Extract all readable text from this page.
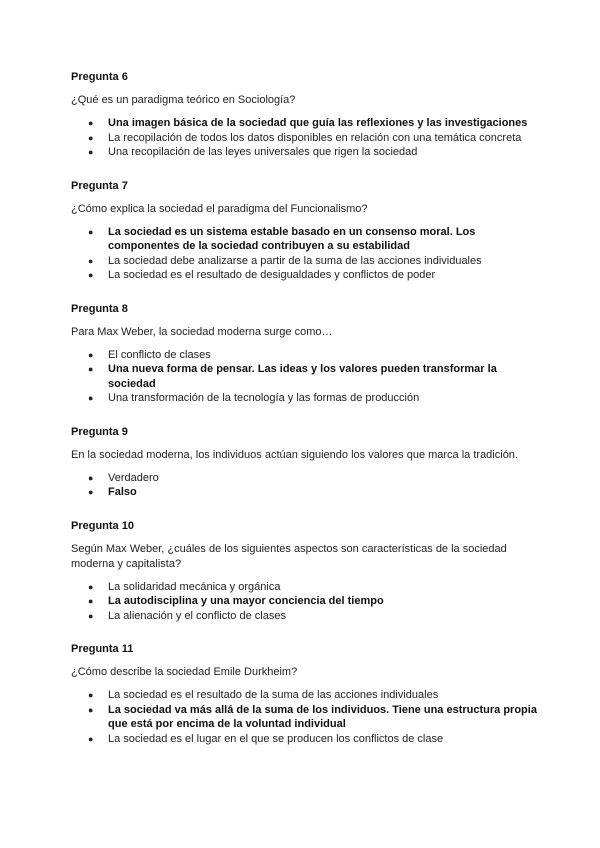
Pregunta 6
¿Qué es un paradigma teórico en Sociología?
● Una imagen básica de la sociedad que guía las reflexiones y las investigaciones
● La recopilación de todos los datos disponibles en relación con una temática concreta
● Una recopilación de las leyes universales que rigen la sociedad
Pregunta 7
¿Cómo explica la sociedad el paradigma del Funcionalismo?
● La sociedad es un sistema estable basado en un consenso moral. Los componentes de la sociedad contribuyen a su estabilidad
● La sociedad debe analizarse a partir de la suma de las acciones individuales
● La sociedad es el resultado de desigualdades y conflictos de poder
Pregunta 8
Para Max Weber, la sociedad moderna surge como…
● El conflicto de clases
● Una nueva forma de pensar. Las ideas y los valores pueden transformar la sociedad
● Una transformación de la tecnología y las formas de producción
Pregunta 9
En la sociedad moderna, los individuos actúan siguiendo los valores que marca la tradición.
● Verdadero
● Falso
Pregunta 10
Según Max Weber, ¿cuáles de los siguientes aspectos son características de la sociedad moderna y capitalista?
● La solidaridad mecánica y orgánica
● La autodisciplina y una mayor conciencia del tiempo
● La alienación y el conflicto de clases
Pregunta 11
¿Cómo describe la sociedad Emile Durkheim?
● La sociedad es el resultado de la suma de las acciones individuales
● La sociedad va más allá de la suma de los individuos. Tiene una estructura propia que está por encima de la voluntad individual
● La sociedad es el lugar en el que se producen los conflictos de clase
